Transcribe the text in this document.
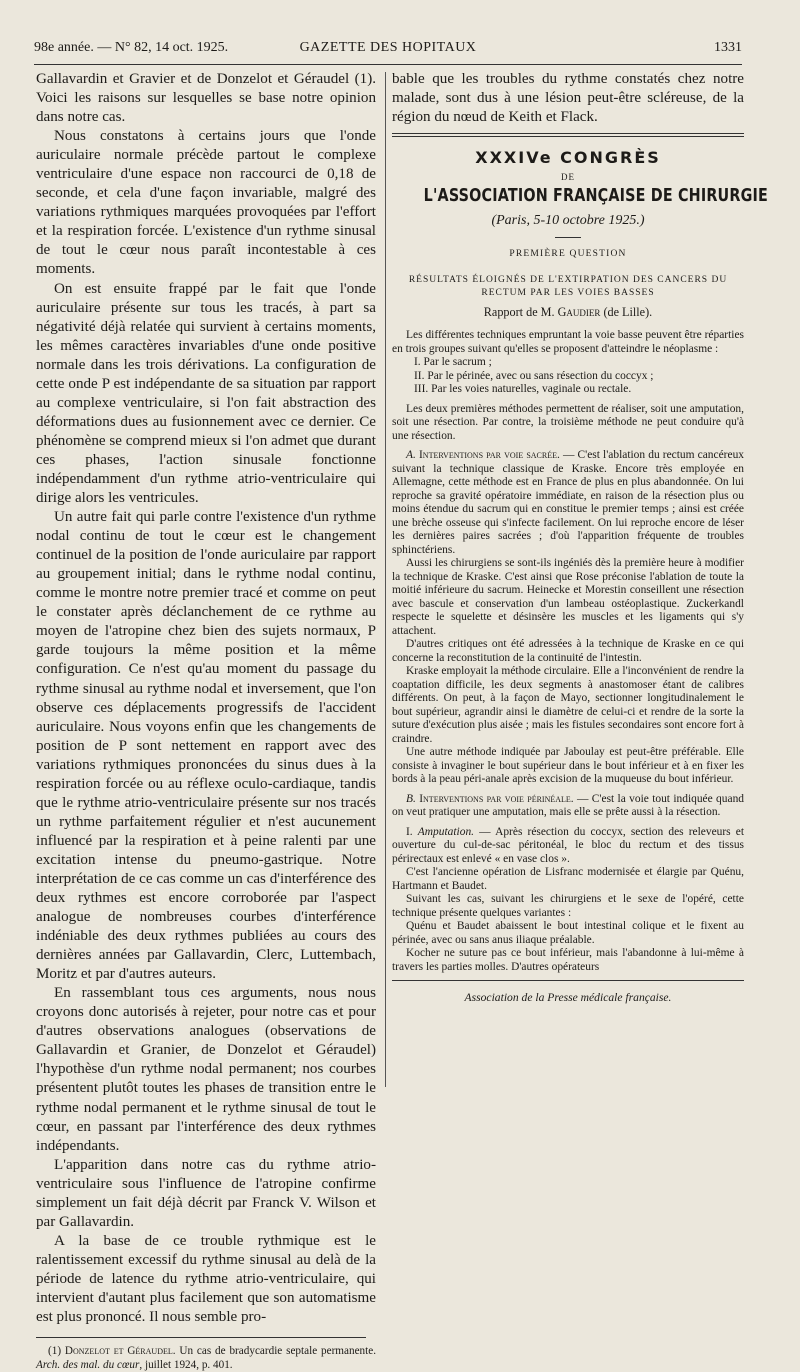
98e année. — N° 82, 14 oct. 1925.	GAZETTE DES HOPITAUX	1331

Gallavardin et Gravier et de Donzelot et Géraudel (1). Voici les raisons sur lesquelles se base notre opinion dans notre cas.

Nous constatons à certains jours que l'onde auriculaire normale précède partout le complexe ventriculaire d'une espace non raccourci de 0,18 de seconde, et cela d'une façon invariable, malgré des variations rythmiques marquées provoquées par l'effort et la respiration forcée. L'existence d'un rythme sinusal de tout le cœur nous paraît incontestable à ces moments.

On est ensuite frappé par le fait que l'onde auriculaire présente sur tous les tracés, à part sa négativité déjà relatée qui survient à certains moments, les mêmes caractères invariables d'une onde positive normale dans les trois dérivations. La configuration de cette onde P est indépendante de sa situation par rapport au complexe ventriculaire, si l'on fait abstraction des déformations dues au fusionnement avec ce dernier. Ce phénomène se comprend mieux si l'on admet que durant ces phases, l'action sinusale fonctionne indépendamment d'un rythme atrio-ventriculaire qui dirige alors les ventricules.

Un autre fait qui parle contre l'existence d'un rythme nodal continu de tout le cœur est le changement continuel de la position de l'onde auriculaire par rapport au groupement initial; dans le rythme nodal continu, comme le montre notre premier tracé et comme on peut le constater après déclanchement de ce rythme au moyen de l'atropine chez bien des sujets normaux, P garde toujours la même position et la même configuration. Ce n'est qu'au moment du passage du rythme sinusal au rythme nodal et inversement, que l'on observe ces déplacements progressifs de l'accident auriculaire. Nous voyons enfin que les changements de position de P sont nettement en rapport avec des variations rythmiques prononcées du sinus dues à la respiration forcée ou au réflexe oculo-cardiaque, tandis que le rythme atrio-ventriculaire présente sur nos tracés un rythme parfaitement régulier et n'est aucunement influencé par la respiration et à peine ralenti par une excitation intense du pneumo-gastrique. Notre interprétation de ce cas comme un cas d'interférence des deux rythmes est encore corroborée par l'aspect analogue de nombreuses courbes d'interférence indéniable des deux rythmes publiées au cours des dernières années par Gallavardin, Clerc, Luttembach, Moritz et par d'autres auteurs.

En rassemblant tous ces arguments, nous nous croyons donc autorisés à rejeter, pour notre cas et pour d'autres observations analogues (observations de Gallavardin et Granier, de Donzelot et Géraudel) l'hypothèse d'un rythme nodal permanent; nos courbes présentent plutôt toutes les phases de transition entre le rythme nodal permanent et le rythme sinusal de tout le cœur, en passant par l'interférence des deux rythmes indépendants.

L'apparition dans notre cas du rythme atrio-ventriculaire sous l'influence de l'atropine confirme simplement un fait déjà décrit par Franck V. Wilson et par Gallavardin.

A la base de ce trouble rythmique est le ralentissement excessif du rythme sinusal au delà de la période de latence du rythme atrio-ventriculaire, qui intervient d'autant plus facilement que son automatisme est plus prononcé. Il nous semble pro-

(1) Donzelot et Géraudel. Un cas de bradycardie septale permanente. Arch. des mal. du cœur, juillet 1924, p. 401.

bable que les troubles du rythme constatés chez notre malade, sont dus à une lésion peut-être scléreuse, de la région du nœud de Keith et Flack.

XXXIVe CONGRÈS
DE
L'ASSOCIATION FRANÇAISE DE CHIRURGIE
(Paris, 5-10 octobre 1925.)
PREMIÈRE QUESTION
RÉSULTATS ÉLOIGNÉS DE L'EXTIRPATION DES CANCERS DU RECTUM PAR LES VOIES BASSES
Rapport de M. Gaudier (de Lille).

Les différentes techniques empruntant la voie basse peuvent être réparties en trois groupes suivant qu'elles se proposent d'atteindre le néoplasme :

I. Par le sacrum ;

II. Par le périnée, avec ou sans résection du coccyx ;

III. Par les voies naturelles, vaginale ou rectale.

Les deux premières méthodes permettent de réaliser, soit une amputation, soit une résection. Par contre, la troisième méthode ne peut conduire qu'à une résection.

A. Interventions par voie sacrée. — C'est l'ablation du rectum cancéreux suivant la technique classique de Kraske. Encore très employée en Allemagne, cette méthode est en France de plus en plus abandonnée. On lui reproche sa gravité opératoire immédiate, en raison de la résection plus ou moins étendue du sacrum qui en constitue le premier temps ; ainsi est créée une brèche osseuse qui s'infecte facilement. On lui reproche encore de léser les dernières paires sacrées ; d'où l'apparition fréquente de troubles sphinctériens.

Aussi les chirurgiens se sont-ils ingéniés dès la première heure à modifier la technique de Kraske. C'est ainsi que Rose préconise l'ablation de toute la moitié inférieure du sacrum. Heinecke et Morestin conseillent une résection avec bascule et conservation d'un lambeau ostéoplastique. Zuckerkandl respecte le squelette et désinsère les muscles et les ligaments qui s'y attachent.

D'autres critiques ont été adressées à la technique de Kraske en ce qui concerne la reconstitution de la continuité de l'intestin.

Kraske employait la méthode circulaire. Elle a l'inconvénient de rendre la coaptation difficile, les deux segments à anastomoser étant de calibres différents. On peut, à la façon de Mayo, sectionner longitudinalement le bout supérieur, agrandir ainsi le diamètre de celui-ci et rendre de la sorte la suture d'exécution plus aisée ; mais les fistules secondaires sont encore fort à craindre.

Une autre méthode indiquée par Jaboulay est peut-être préférable. Elle consiste à invaginer le bout supérieur dans le bout inférieur et à en fixer les bords à la peau péri-anale après excision de la muqueuse du bout inférieur.

B. Interventions par voie périnéale. — C'est la voie tout indiquée quand on veut pratiquer une amputation, mais elle se prête aussi à la résection.

I. Amputation. — Après résection du coccyx, section des releveurs et ouverture du cul-de-sac péritonéal, le bloc du rectum et des tissus périrectaux est enlevé « en vase clos ».

C'est l'ancienne opération de Lisfranc modernisée et élargie par Quénu, Hartmann et Baudet.

Suivant les cas, suivant les chirurgiens et le sexe de l'opéré, cette technique présente quelques variantes :

Quénu et Baudet abaissent le bout intestinal colique et le fixent au périnée, avec ou sans anus iliaque préalable.

Kocher ne suture pas ce bout inférieur, mais l'abandonne à lui-même à travers les parties molles. D'autres opérateurs

Association de la Presse médicale française.
